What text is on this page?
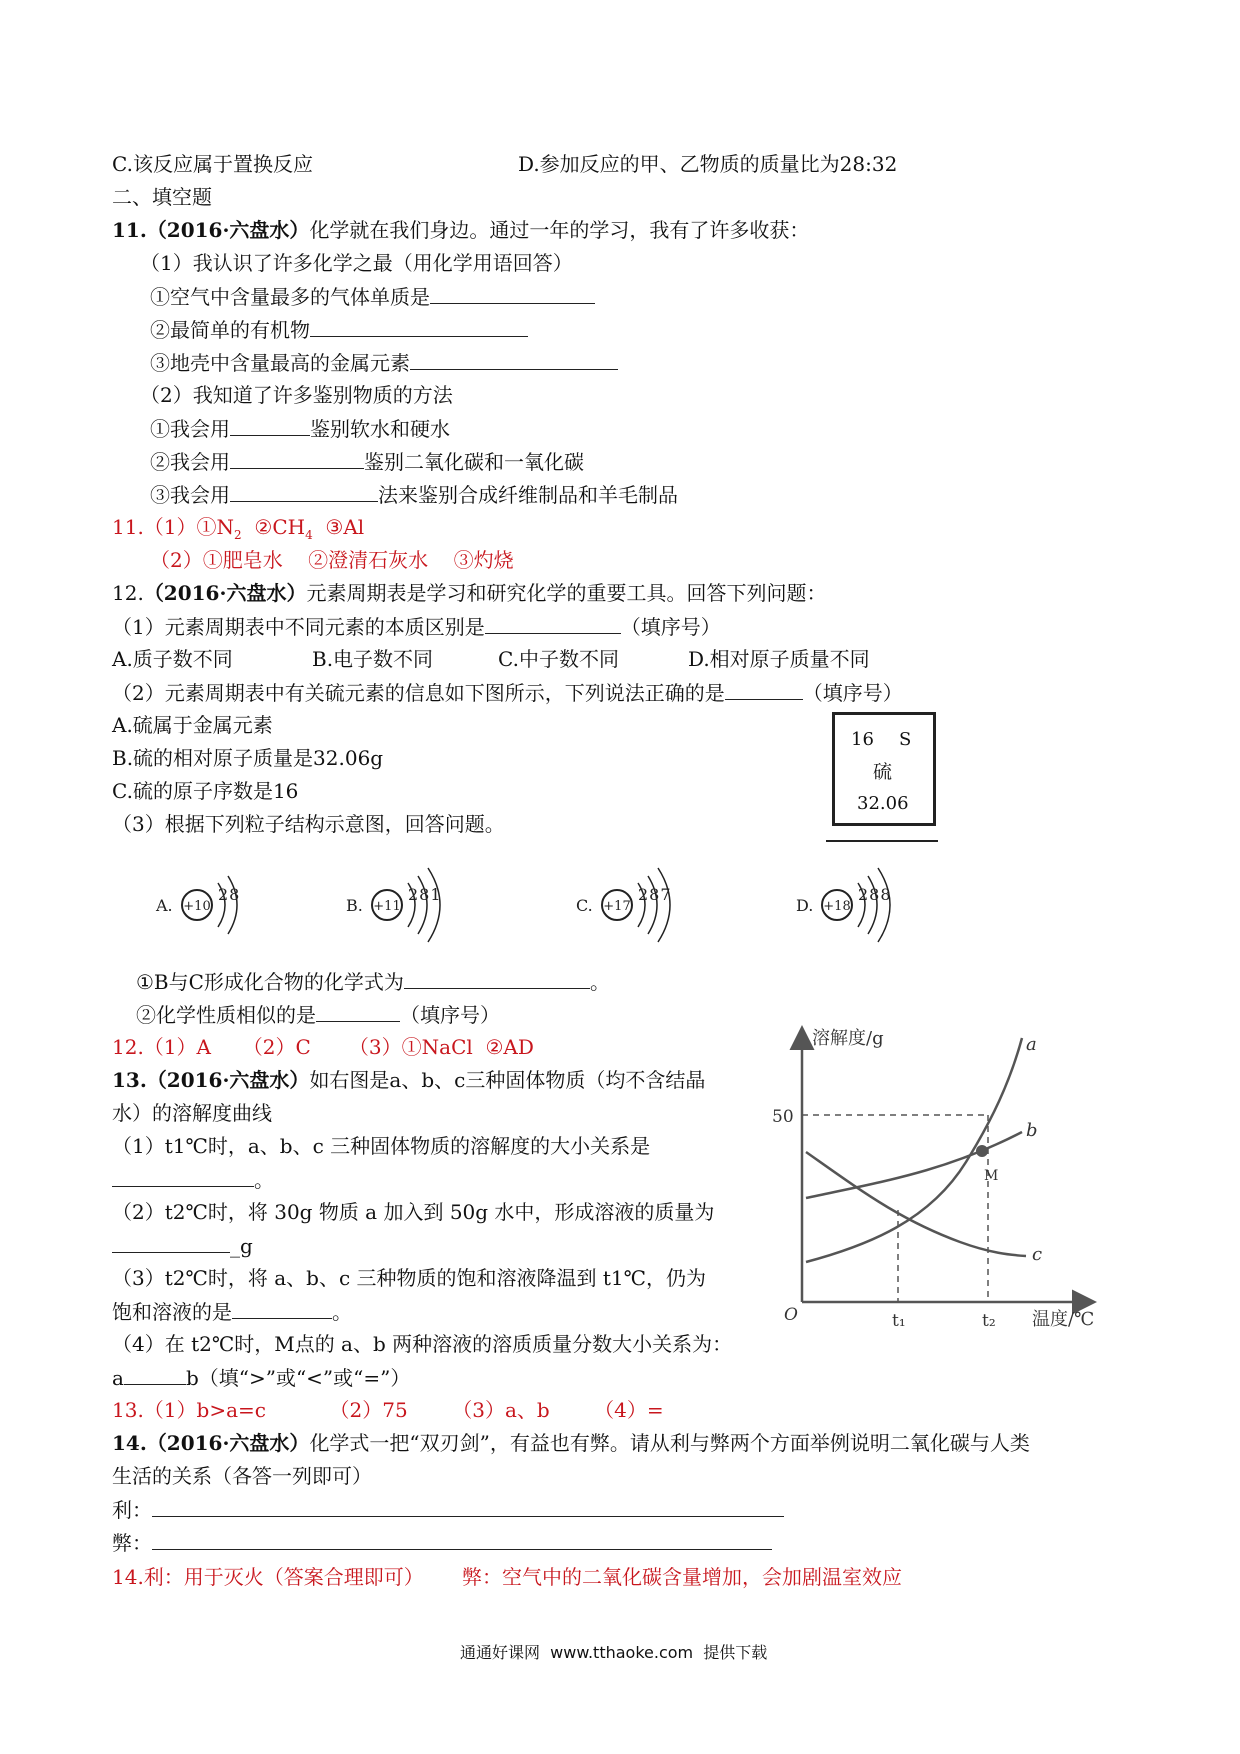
C.该反应属于置换反应	D.参加反应的甲、乙物质的质量比为28:32
二、填空题
11.（2016·六盘水）化学就在我们身边。通过一年的学习，我有了许多收获：
（1）我认识了许多化学之最（用化学用语回答）
①空气中含量最多的气体单质是
②最简单的有机物
③地壳中含量最高的金属元素
（2）我知道了许多鉴别物质的方法
①我会用	鉴别软水和硬水
②我会用	鉴别二氧化碳和一氧化碳
③我会用	法来鉴别合成纤维制品和羊毛制品
$11.(1)①N_2$  $②CH_4$  ③Al
（2）①肥皂水    ②澄清石灰水    ③灼烧
12.（2016·六盘水）元素周期表是学习和研究化学的重要工具。回答下列问题：
（1）元素周期表中不同元素的本质区别是	（填序号）
A.质子数不同	B.电子数不同	C.中子数不同	D.相对原子质量不同
（2）元素周期表中有关硫元素的信息如下图所示，下列说法正确的是	（填序号）
A.硫属于金属元素
B.硫的相对原子质量是32.06g
C.硫的原子序数是16
（3）根据下列粒子结构示意图，回答问题。
16 S
硫
32.06
A. +10
28
B. +11
281
C. +17
287
D. +18
288
①B与C形成化合物的化学式为	。
②化学性质相似的是	（填序号）
12.（1）A     （2）C      （3）①NaCl  ②AD
13.（2016·六盘水）如右图是a、b、c三种固体物质（均不含结晶
水）的溶解度曲线
（1）t1℃时，a、b、c 三种固体物质的溶解度的大小关系是
。
（2）t2℃时，将 30g 物质 a 加入到 50g 水中，形成溶液的质量为
_g
（3）t2℃时，将 a、b、c 三种物质的饱和溶液降温到 t1℃，仍为
饱和溶液的是	。
（4）在 t2℃时，M点的 a、b 两种溶液的溶质质量分数大小关系为：
a	b（填“>”或“<”或“=”）
13.（1）b>a=c          （2）75       （3）a、b       （4）=
溶解度/g
温度/℃
O
50
t₁	t₂
a
b
c
M
14.（2016·六盘水）化学式一把“双刃剑”，有益也有弊。请从利与弊两个方面举例说明二氧化碳与人类
生活的关系（各答一列即可）
利：
弊：
14.利：用于灭火（答案合理即可）      弊：空气中的二氧化碳含量增加，会加剧温室效应
通通好课网  www.tthaoke.com  提供下载
